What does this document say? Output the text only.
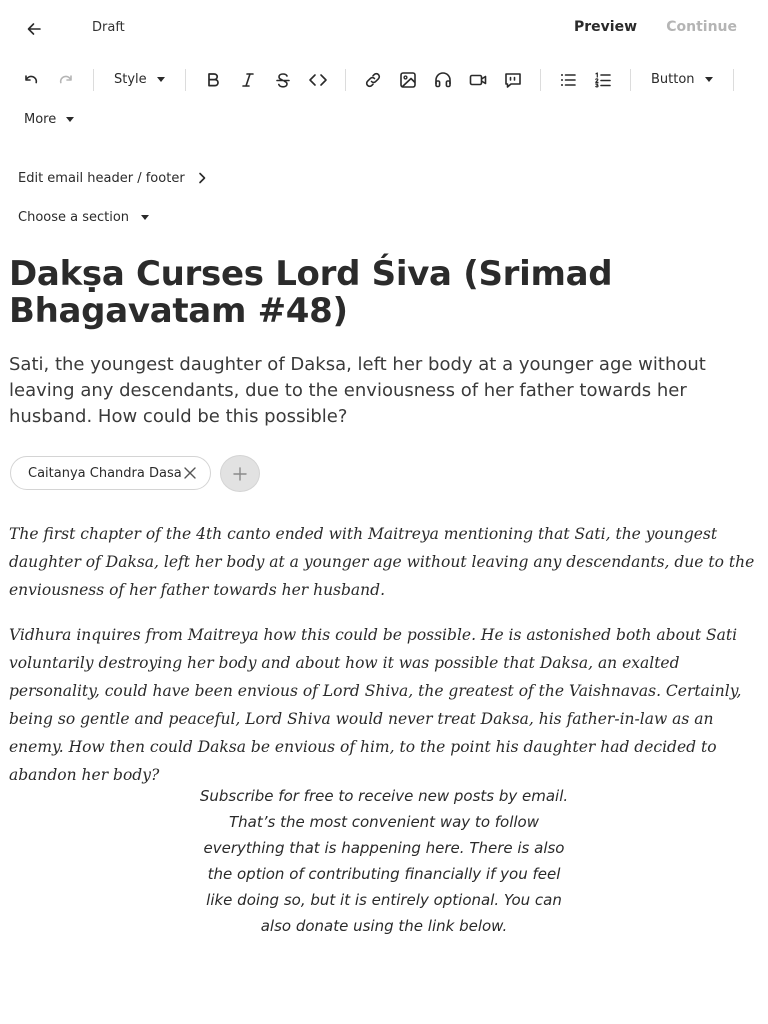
Draft	Preview Continue
Style	Button
More
Edit email header / footer
Choose a section
Dakṣa Curses Lord Śiva (Srimad Bhagavatam #48)

Sati, the youngest daughter of Daksa, left her body at a younger age without leaving any descendants, due to the enviousness of her father towards her husband. How could be this possible?

Caitanya Chandra Dasa

The first chapter of the 4th canto ended with Maitreya mentioning that Sati, the youngest daughter of Daksa, left her body at a younger age without leaving any descendants, due to the enviousness of her father towards her husband.

Vidhura inquires from Maitreya how this could be possible. He is astonished both about Sati voluntarily destroying her body and about how it was possible that Daksa, an exalted personality, could have been envious of Lord Shiva, the greatest of the Vaishnavas. Certainly, being so gentle and peaceful, Lord Shiva would never treat Daksa, his father-in-law as an enemy. How then could Daksa be envious of him, to the point his daughter had decided to abandon her body?

Subscribe for free to receive new posts by email. That’s the most convenient way to follow everything that is happening here. There is also the option of contributing financially if you feel like doing so, but it is entirely optional. You can also donate using the link below.
